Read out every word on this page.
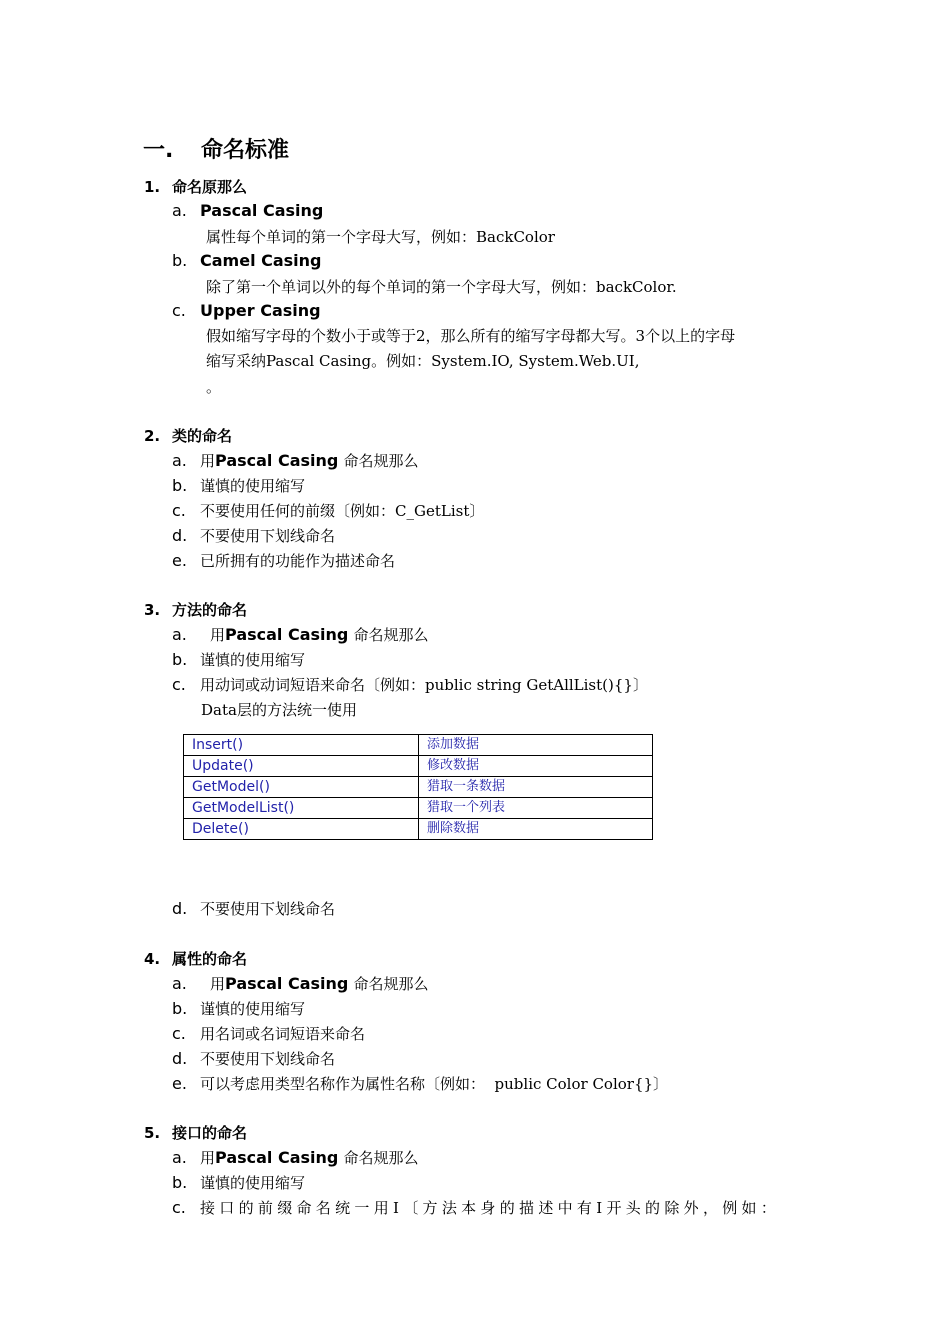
一. 命名标准
1. 命名原那么
a. Pascal Casing
属性每个单词的第一个字母大写，例如：BackColor
b. Camel Casing
除了第一个单词以外的每个单词的第一个字母大写，例如：backColor.
c. Upper Casing
假如缩写字母的个数小于或等于2，那么所有的缩写字母都大写。3个以上的字母
缩写采纳Pascal Casing。例如：System.IO, System.Web.UI,
。
2. 类的命名
a. 用Pascal Casing 命名规那么
b. 谨慎的使用缩写
c. 不要使用任何的前缀〔例如：C_GetList〕
d. 不要使用下划线命名
e. 已所拥有的功能作为描述命名
3. 方法的命名
a. 用Pascal Casing 命名规那么
b. 谨慎的使用缩写
c. 用动词或动词短语来命名〔例如：public string GetAllList(){}〕
Data层的方法统一使用
Insert()	添加数据
Update()	修改数据
GetModel()	猎取一条数据
GetModelList()	猎取一个列表
Delete()	删除数据
d. 不要使用下划线命名
4. 属性的命名
a. 用Pascal Casing 命名规那么
b. 谨慎的使用缩写
c. 用名词或名词短语来命名
d. 不要使用下划线命名
e. 可以考虑用类型名称作为属性名称〔例如：  public Color Color{}〕
5. 接口的命名
a. 用Pascal Casing 命名规那么
b. 谨慎的使用缩写
c. 接口的前缀命名统一用I〔方法本身的描述中有I开头的除外，例如：
